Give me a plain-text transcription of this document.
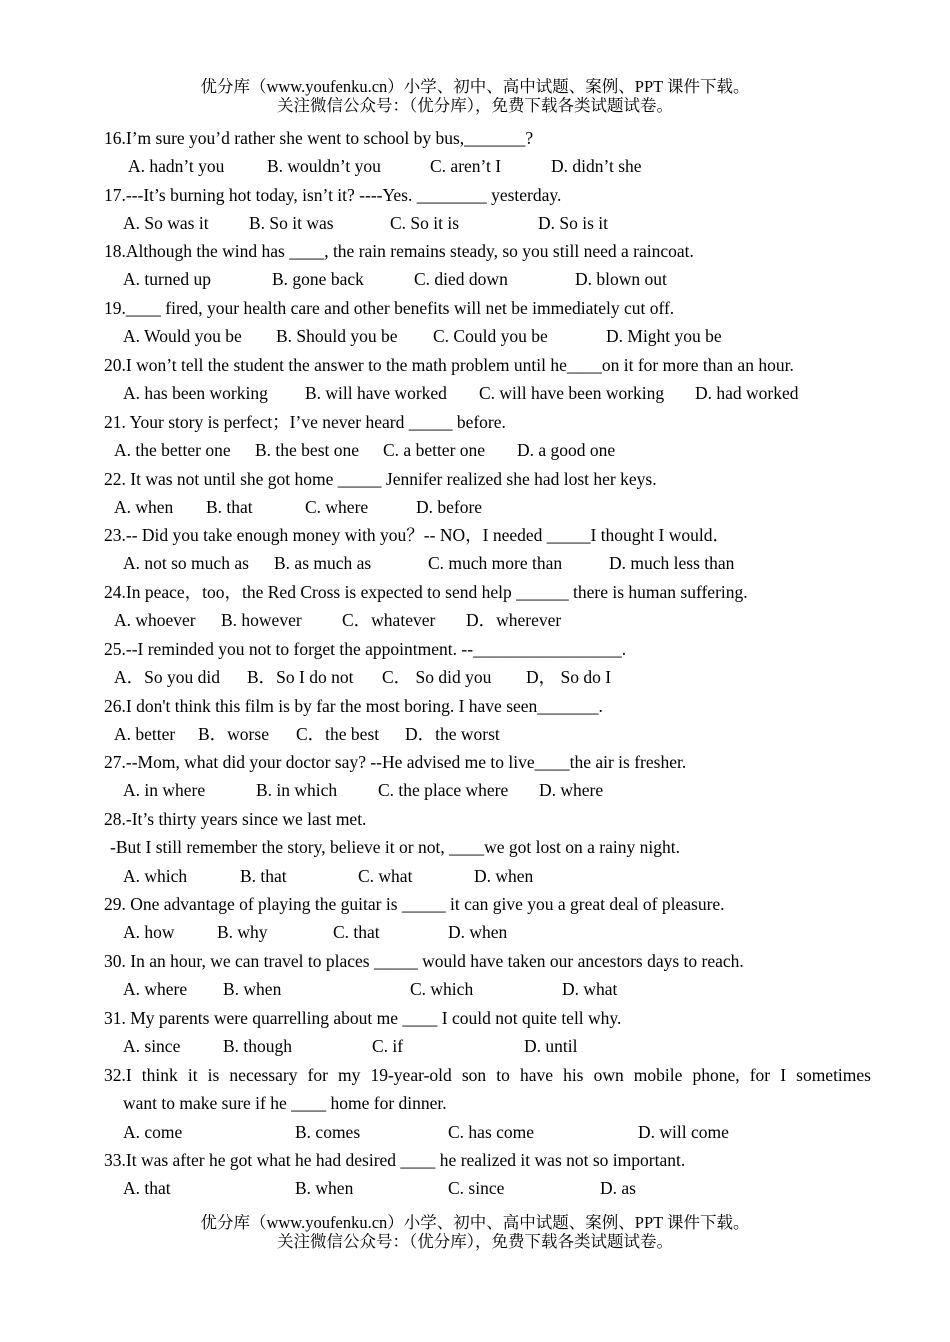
优分库（www.youfenku.cn）小学、初中、高中试题、案例、PPT 课件下载。
关注微信公众号：（优分库），免费下载各类试题试卷。
16.I’m sure you’d rather she went to school by bus,_______?
A. hadn’t you B. wouldn’t you	C. aren’t I	D. didn’t she
17.---It’s burning hot today, isn’t it? ----Yes. ________ yesterday.
A. So was it B. So it was	C. So it is	D. So is it
18.Although the wind has ____, the rain remains steady, so you still need a raincoat.
A. turned up	B. gone back	C. died down	D. blown out
19.____ fired, your health care and other benefits will net be immediately cut off.
A. Would you be B. Should you be C. Could you be	D. Might you be
20.I won’t tell the student the answer to the math problem until he____on it for more than an hour.
A. has been working B. will have worked C. will have been working D. had worked
21. Your story is perfect；I’ve never heard _____ before.
A. the better one B. the best one C. a better one D. a good one
22. It was not until she got home _____ Jennifer realized she had lost her keys.
A. when B. that	C. where	D. before
23.-- Did you take enough money with you？-- NO，I needed _____I thought I would．
A. not so much as B. as much as	C. much more than	D. much less than
24.In peace，too，the Red Cross is expected to send help ______ there is human suffering.
A. whoever B. however C．whatever D．wherever
25.--I reminded you not to forget the appointment. --_________________.
A．So you did B．So I do not C． So did you D， So do I
26.I don't think this film is by far the most boring. I have seen_______.
A. better B．worse C．the best D．the worst
27.--Mom, what did your doctor say? --He advised me to live____the air is fresher.
A. in where	B. in which C. the place where D. where
28.-It’s thirty years since we last met.
-But I still remember the story, believe it or not, ____we got lost on a rainy night.
A. which	B. that	C. what	D. when
29. One advantage of playing the guitar is _____ it can give you a great deal of pleasure.
A. how B. why	C. that	D. when
30. In an hour, we can travel to places _____ would have taken our ancestors days to reach.
A. where B. when	C. which	D. what
31. My parents were quarrelling about me ____ I could not quite tell why.
A. since B. though	C. if	D. until
32.I think it is necessary for my 19-year-old son to have his own mobile phone, for I sometimes
want to make sure if he ____ home for dinner.
A. come	B. comes	C. has come	D. will come
33.It was after he got what he had desired ____ he realized it was not so important.
A. that	B. when	C. since	D. as
优分库（www.youfenku.cn）小学、初中、高中试题、案例、PPT 课件下载。
关注微信公众号：（优分库），免费下载各类试题试卷。
